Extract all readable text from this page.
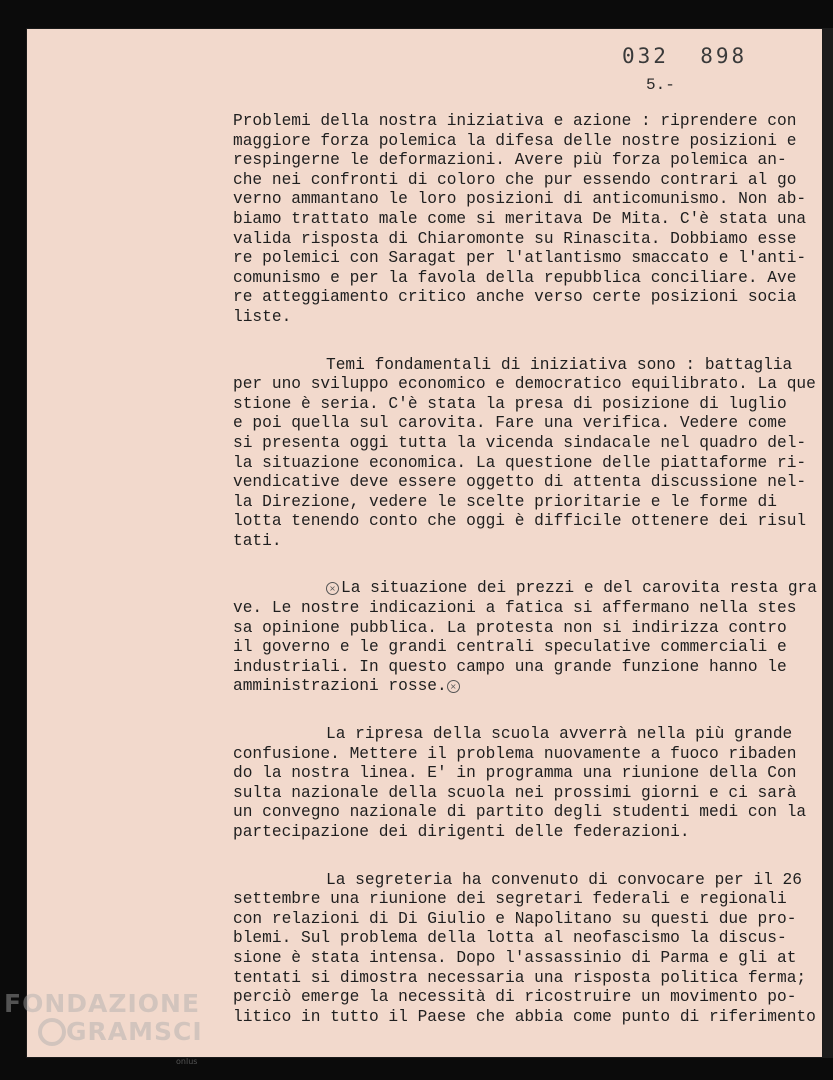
032  898
5.-
Problemi della nostra iniziativa e azione : riprendere con
maggiore forza polemica la difesa delle nostre posizioni e
respingerne le deformazioni. Avere più forza polemica an-
che nei confronti di coloro che pur essendo contrari al go
verno ammantano le loro posizioni di anticomunismo. Non ab-
biamo trattato male come si meritava De Mita. C'è stata una
valida risposta di Chiaromonte su Rinascita. Dobbiamo esse
re polemici con Saragat per l'atlantismo smaccato e l'anti-
comunismo e per la favola della repubblica conciliare. Ave
re atteggiamento critico anche verso certe posizioni socia
liste.
Temi fondamentali di iniziativa sono : battaglia
per uno sviluppo economico e democratico equilibrato. La que
stione è seria. C'è stata la presa di posizione di luglio
e poi quella sul carovita. Fare una verifica. Vedere come
si presenta oggi tutta la vicenda sindacale nel quadro del-
la situazione economica. La questione delle piattaforme ri-
vendicative deve essere oggetto di attenta discussione nel-
la Direzione, vedere le scelte prioritarie e le forme di
lotta tenendo conto che oggi è difficile ottenere dei risul
tati.
× La situazione dei prezzi e del carovita resta gra
ve. Le nostre indicazioni a fatica si affermano nella stes
sa opinione pubblica. La protesta non si indirizza contro
il governo e le grandi centrali speculative commerciali e
industriali. In questo campo una grande funzione hanno le
amministrazioni rosse. ×
La ripresa della scuola avverrà nella più grande
confusione. Mettere il problema nuovamente a fuoco ribaden
do la nostra linea. E' in programma una riunione della Con
sulta nazionale della scuola nei prossimi giorni e ci sarà
un convegno nazionale di partito degli studenti medi con la
partecipazione dei dirigenti delle federazioni.
La segreteria ha convenuto di convocare per il 26
settembre una riunione dei segretari federali e regionali
con relazioni di Di Giulio e Napolitano su questi due pro-
blemi. Sul problema della lotta al neofascismo la discus-
sione è stata intensa. Dopo l'assassinio di Parma e gli at
tentati si dimostra necessaria una risposta politica ferma;
perciò emerge la necessità di ricostruire un movimento po-
litico in tutto il Paese che abbia come punto di riferimento
FONDAZIONE
GRAMSCI
onlus
